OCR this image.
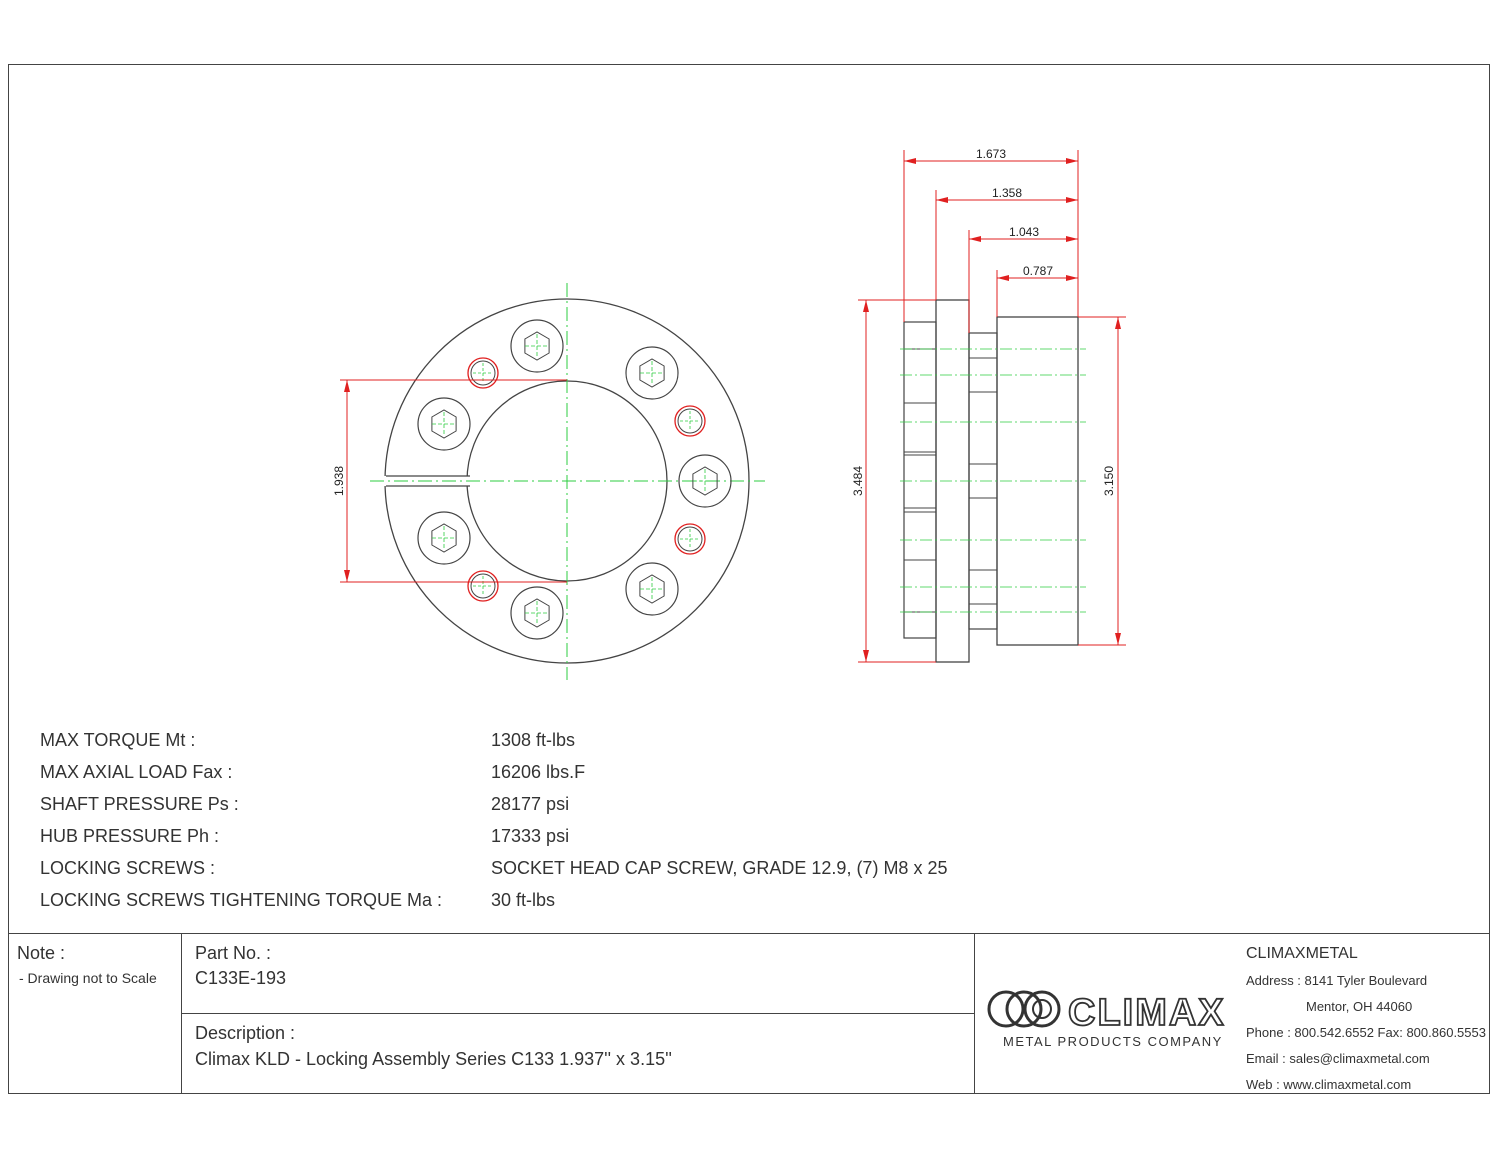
1.938
1.673
1.358
1.043
0.787
3.484	3.150
MAX TORQUE Mt :	1308 ft-lbs
MAX AXIAL LOAD Fax :	16206 lbs.F
SHAFT PRESSURE Ps :	28177 psi
HUB PRESSURE Ph :	17333 psi
LOCKING SCREWS :	SOCKET HEAD CAP SCREW, GRADE 12.9, (7) M8 x 25
LOCKING SCREWS TIGHTENING TORQUE Ma :	30 ft-lbs
Note :
- Drawing not to Scale
Part No. :
C133E-193
Description :
Climax KLD - Locking Assembly Series C133 1.937'' x 3.15''
CLIMAX
METAL PRODUCTS COMPANY
CLIMAXMETAL
Address : 8141 Tyler Boulevard
Mentor, OH 44060
Phone : 800.542.6552 Fax: 800.860.5553
Email : sales@climaxmetal.com
Web : www.climaxmetal.com
